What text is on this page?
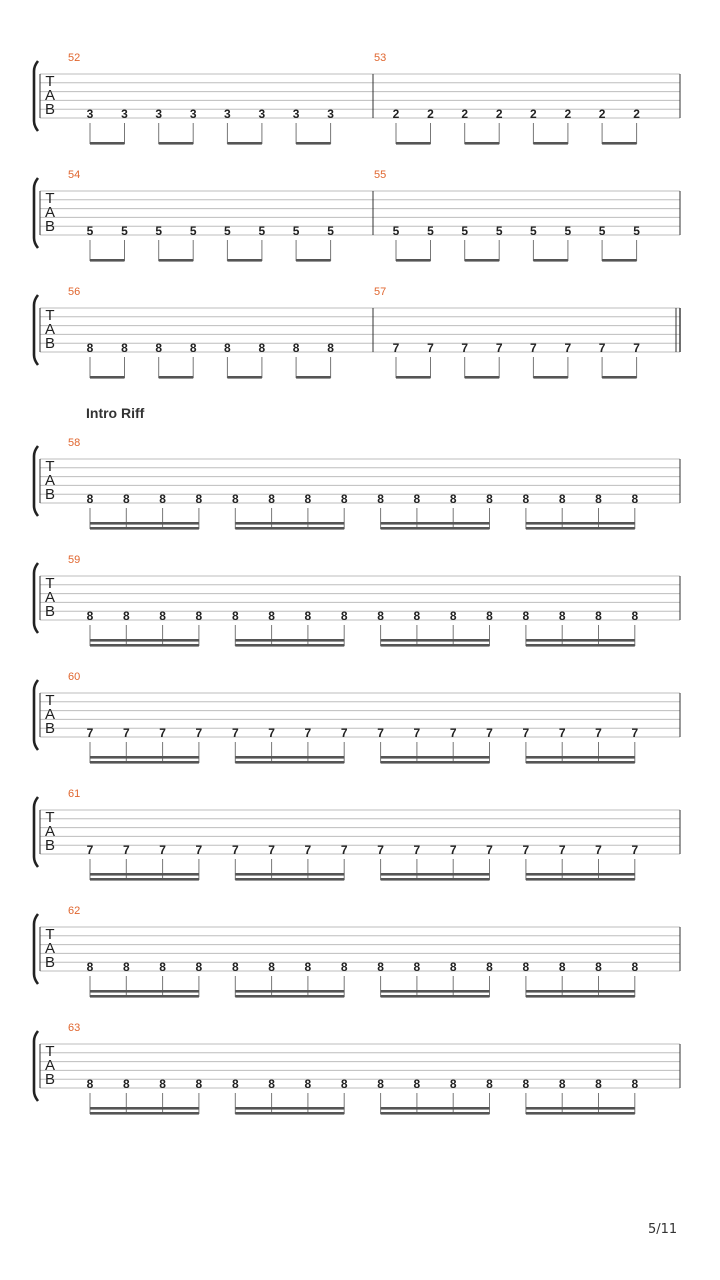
T
A
B	3 3 3 3 3 3 3 3	2 2 2 2 2 2 2 2
52	53
T
A
B	5 5 5 5 5 5 5 5	5 5 5 5 5 5 5 5
54	55
T
A
B	8 8 8 8 8 8 8 8	7 7 7 7 7 7 7 7
56	57
T
A
B	8 8 8 8 8 8 8 8 8 8 8 8 8 8 8 8
58
T
A
B	8 8 8 8 8 8 8 8 8 8 8 8 8 8 8 8
59
T
A
B	7 7 7 7 7 7 7 7 7 7 7 7 7 7 7 7
60
T
A
B	7 7 7 7 7 7 7 7 7 7 7 7 7 7 7 7
61
T
A
B	8 8 8 8 8 8 8 8 8 8 8 8 8 8 8 8
62
T
A
B	8 8 8 8 8 8 8 8 8 8 8 8 8 8 8 8
63
Intro Riff
5/11
